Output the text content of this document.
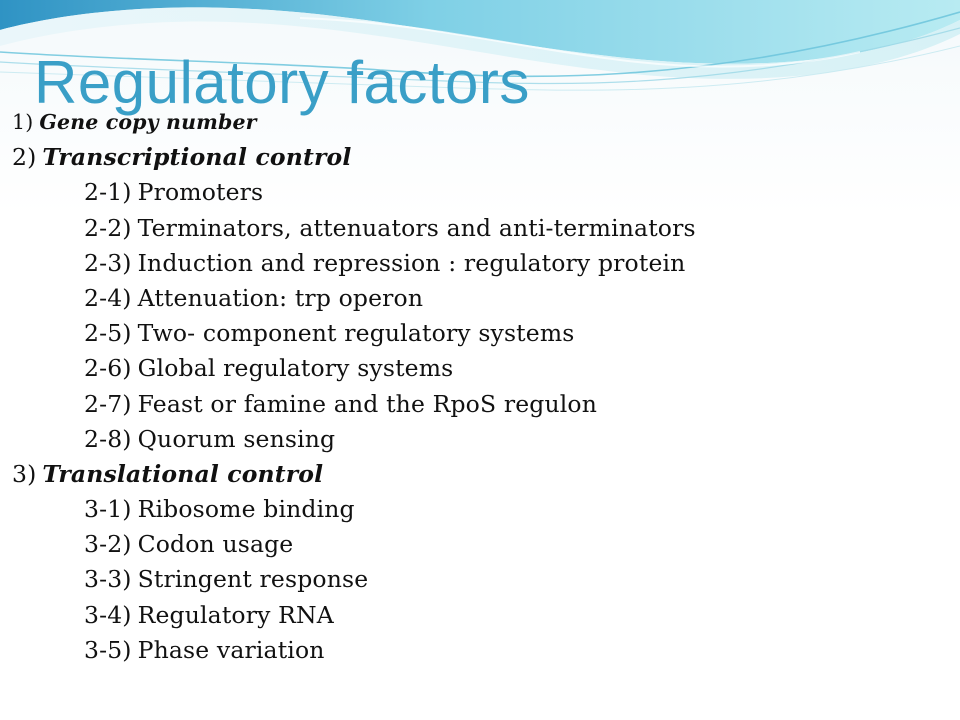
Regulatory factors
1) Gene copy number
2) Transcriptional control
2-1) Promoters
2-2) Terminators, attenuators and anti-terminators
2-3) Induction and repression : regulatory protein
2-4) Attenuation: trp operon
2-5) Two- component regulatory systems
2-6) Global regulatory systems
2-7) Feast or famine and the RpoS regulon
2-8) Quorum sensing
3) Translational control
3-1) Ribosome binding
3-2) Codon usage
3-3) Stringent response
3-4) Regulatory RNA
3-5) Phase variation
